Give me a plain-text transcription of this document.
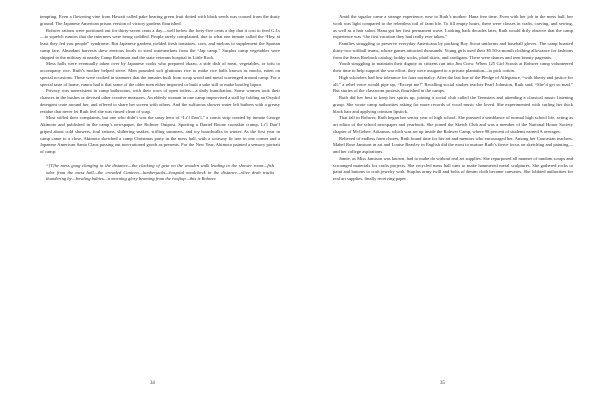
tempting. Even a flowering vine from Hawaii called pake bearing green fruit dotted with black seeds was coaxed from the dusty ground. The Japanese American prison version of victory gardens flourished.

Rohwer rations were portioned out for thirty-seven cents a day—well below the forty-five cents a day that it cost to feed G.I.s—to squelch rumors that the internees were being coddled. People rarely complained, due to what one inmate called the “Hey, at least they fed you people” syndrome. But Japanese gardens yielded fresh tomatoes, corn, and melons to supplement the Spartan camp fare. Abundant harvests drew envious locals to steal watermelons from the “Jap camp.” Surplus camp vegetables were shipped to the military at nearby Camp Robinson and the state veterans hospital in Little Rock.

Mess halls were eventually taken over by Japanese cooks who prepared okazu, a side dish of meat, vegetables, or tofu to accompany rice. Ruth’s mother helped serve. Men pounded soft glutinous rice to make rice balls known as mochi, eaten on special occasions. These were cooked in steamers that the inmates built from scrap wood and metal scavenged around camp. For a special taste of home, rumor had it that some of the older men either imported or built a sake still to make bootleg liquor.

Privacy was nonexistent in camp bathrooms, with their rows of open toilets—a daily humiliation. Some women took their chances in the bushes or devised other creative measures. An elderly woman in one camp improvised a stall by folding an Oxydol detergent crate around her, and offered to share her screen with others. And the sulfurous shower water left bathers with a greasy residue that never let Ruth feel she was rinsed clean of soap.

Most stifled their complaints, but one who didn’t was the sassy hero of “Li’l Dan’l,” a comic strip created by inmate George Akimoto and published in the camp’s newspaper, the Rohwer Outpost. Sporting a Daniel Boone coonskin cramp, Li’l Dan’l griped about cold showers, foul rations, slithering snakes, stifling summers, and icy boardwalks in winter. As the first year in camp came to a close, Akimoto sketched a camp Christmas party in the mess hall, with a scrawny fir tree in one corner and a Japanese American Santa Claus passing out non-rationed goods as presents. For the New Year, Akimoto painted a sensory portrait of camp:

“[T]he mess gong clanging in the distance—the clacking of geta on the wooden walk leading to the shower room—fish odor from the mess hall—the crowded Canteen—lumberjacks—hospital mealcheck in the distance—olive drab trucks thundering by—bowling babies—a morning glory beaming from the rooftop—this is Rohwer.

34

Amid the squalor came a strange experience, new to Ruth’s mother: Hana free time. Even with her job in the mess hall, her work was light compared to the relentless toil of farm life. To fill empty hours, there were classes in crafts, carving, and sewing, as well as a hair salon. Hana got her first permanent wave. Looking back decades later, Ruth would drily observe that the camp experience was “the first vacation they had really ever taken.”

Families struggling to preserve everyday Americana by packing Boy Scout uniforms and baseball gloves. The camp boasted thirty-two softball teams, whose games attracted thousands. Young girls used their $5.50-a-month clothing allowance for fashions from the Sears Roebuck catalog: bobby socks, plaid skirts, and cardigans. There were dances and teen beauty pageants.

Youth struggling to maintain their dignity as citizens ran into Jim Crow. When 125 Girl Scouts at Rohwer camp volunteered their time to help support the war effort, they were assigned to a private plantation—to pick cotton.

High schoolers had low tolerance for faux normalcy. After the last line of the Pledge of Allegiance, “with liberty and justice for all,” a rebel voice would pipe up, “Except me!” Recalling social studies teacher Pearl Johnston, Ruth said, “She’d get so mad.” But stories of the classroom protests flourished in the camps.

Ruth did her best to keep her spirits up, joining a social club called the Teensters and attending a classical music listening group. She wrote camp authorities asking for more records of vocal music she loved. She experimented with curling her thick black hair and applying crimson lipstick.

That fall in Rohwer, Ruth began her senior year of high school. She pursued a semblance of normal high school life, acting as art editor of the school newspaper and yearbook. She joined the Sketch Club and was a member of the National Honor Society chapter of McGehee, Arkansas, which was set up inside the Rohwer Camp, where 98 percent of students earned A averages.

Relieved of endless farm chores, Ruth found time for her art and mentors who encouraged her. Among her Caucasian teachers, Mabel Rose Jamison in art and Louise Beasley in English did the most to nurture Ruth’s fierce focus on sketching and painting—and her college aspirations.

Jamie, as Miss Jamison was known, had to make do without real art supplies. She repurposed all manner of random scraps and scrounged materials for crafts projects. She recycled mess hall cans to make hammered metal sculptures. She gathered rocks to paint and buttons to craft jewelry with. Surplus army twill and bolts of denim cloth became canvases. She lobbied authorities for real art supplies, finally receiving paper

35
